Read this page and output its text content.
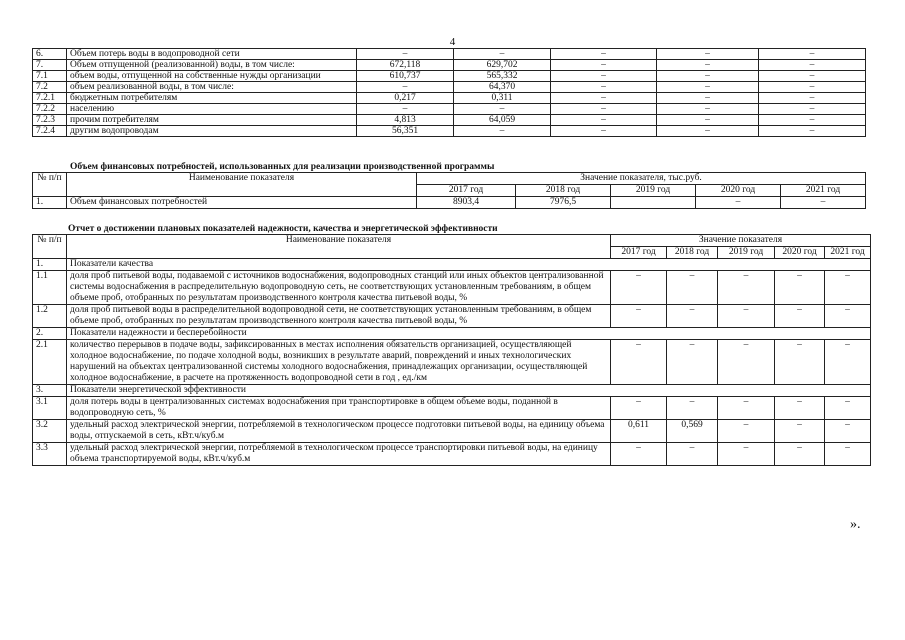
4
6.	Объем потерь воды в водопроводной сети	–	–	–	–	–
7.	Объем отпущенной (реализованной) воды, в том числе:	672,118	629,702	–	–	–
7.1	объем воды, отпущенной на собственные нужды организации	610,737	565,332	–	–	–
7.2	объем реализованной воды, в том числе:	–	64,370	–	–	–
7.2.1	бюджетным потребителям	0,217	0,311	–	–	–
7.2.2	населению	–	–	–	–	–
7.2.3	прочим потребителям	4,813	64,059	–	–	–
7.2.4	другим водопроводам	56,351	–	–	–	–
Объем финансовых потребностей, использованных для реализации производственной программы
№ п/п	Наименование показателя	Значение показателя, тыс.руб.				
		2017 год	2018 год	2019 год	2020 год	2021 год
1.	Объем финансовых потребностей	8903,4	7976,5		–	–
Отчет о достижении плановых показателей надежности, качества и энергетической эффективности
№ п/п	Наименование показателя	Значение показателя				
		2017 год	2018 год	2019 год	2020 год	2021 год
1.	Показатели качества					
1.1	доля проб питьевой воды, подаваемой с источников водоснабжения, водопроводных станций или иных объектов централизованной системы водоснабжения в распределительную водопроводную сеть, не соответствующих установленным требованиям, в общем объеме проб, отобранных по результатам производственного контроля качества питьевой воды, %	–	–	–	–	–
1.2	доля проб питьевой воды в распределительной водопроводной сети, не соответствующих установленным требованиям, в общем объеме проб, отобранных по результатам производственного контроля качества питьевой воды, %	–	–	–	–	–
2.	Показатели надежности и бесперебойности					
2.1	количество перерывов в подаче воды, зафиксированных в местах исполнения обязательств организацией, осуществляющей холодное водоснабжение, по подаче холодной воды, возникших в результате аварий, повреждений и иных технологических нарушений на объектах централизованной системы холодного водоснабжения, принадлежащих организации, осуществляющей холодное водоснабжение, в расчете на протяженность водопроводной сети в год , ед./км	–	–	–	–	–
3.	Показатели энергетической эффективности					
3.1	доля потерь воды в централизованных системах водоснабжения при транспортировке в общем объеме воды, поданной в водопроводную сеть, %	–	–	–	–	–
3.2	удельный расход электрической энергии, потребляемой в технологическом процессе подготовки питьевой воды, на единицу объема воды, отпускаемой в сеть, кВт.ч/куб.м	0,611	0,569	–	–	–
3.3	удельный расход электрической энергии, потребляемой в технологическом процессе транспортировки питьевой воды, на единицу объема транспортируемой воды, кВт.ч/куб.м	–	–	–	–	–
».
